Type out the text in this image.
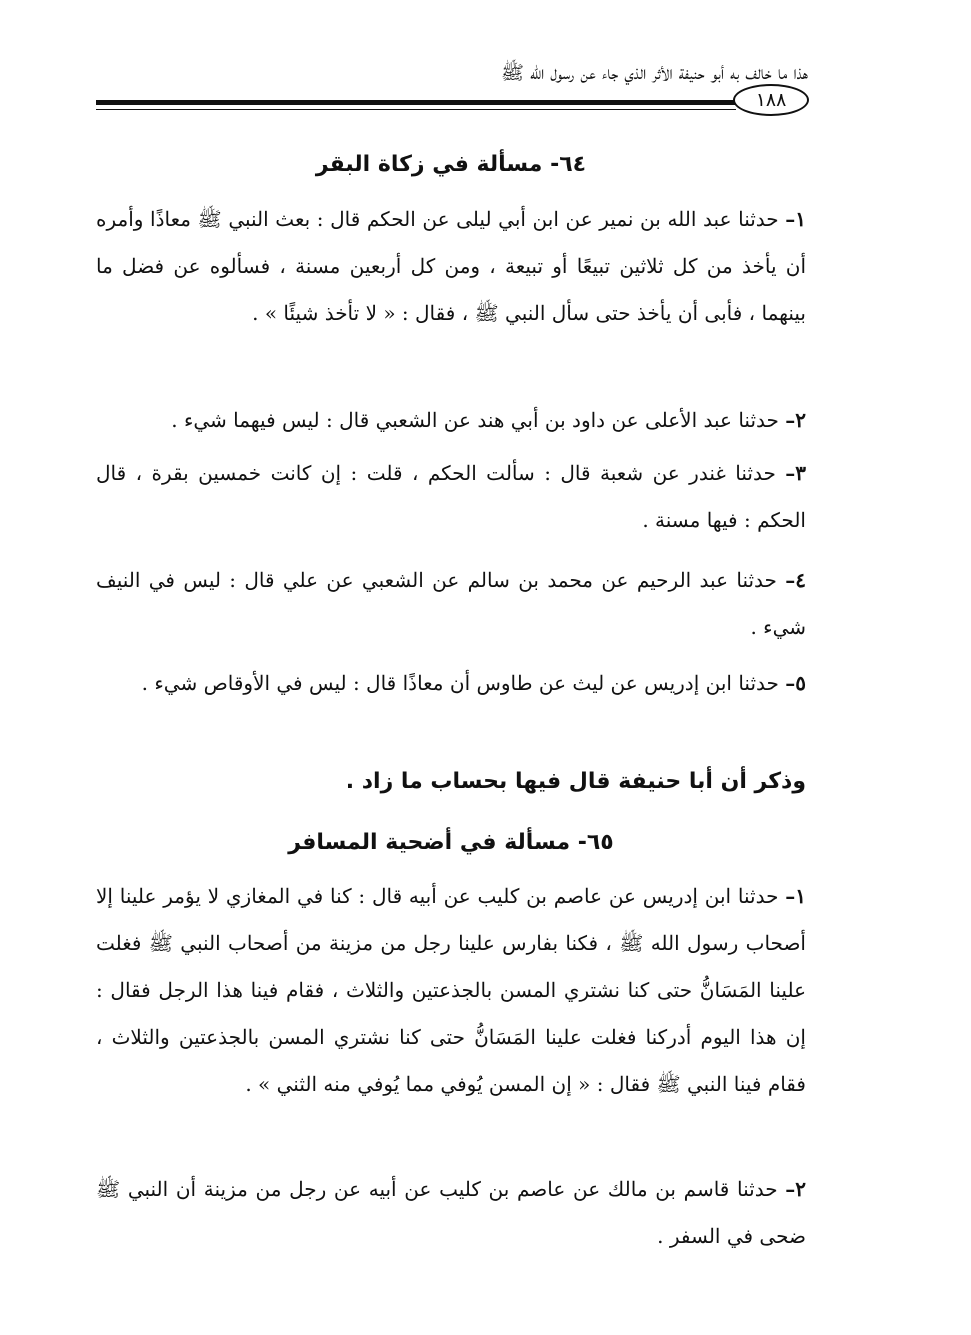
هذا ما خالف به أبو حنيفة الأثر الذي جاء عن رسول الله ﷺ
١٨٨
٦٤- مسألة في زكاة البقر
١– حدثنا عبد الله بن نمير عن ابن أبي ليلى عن الحكم قال : بعث النبي ﷺ معاذًا وأمره أن يأخذ من كل ثلاثين تبيعًا أو تبيعة ، ومن كل أربعين مسنة ، فسألوه عن فضل ما بينهما ، فأبى أن يأخذ حتى سأل النبي ﷺ ، فقال : « لا تأخذ شيئًا » .
٢– حدثنا عبد الأعلى عن داود بن أبي هند عن الشعبي قال : ليس فيهما شيء .
٣– حدثنا غندر عن شعبة قال : سألت الحكم ، قلت : إن كانت خمسين بقرة ، قال الحكم : فيها مسنة .
٤– حدثنا عبد الرحيم عن محمد بن سالم عن الشعبي عن علي قال : ليس في النيف شيء .
٥– حدثنا ابن إدريس عن ليث عن طاوس أن معاذًا قال : ليس في الأوقاص شيء .
وذكر أن أبا حنيفة قال فيها بحساب ما زاد .
٦٥- مسألة في أضحية المسافر
١– حدثنا ابن إدريس عن عاصم بن كليب عن أبيه قال : كنا في المغازي لا يؤمر علينا إلا أصحاب رسول الله ﷺ ، فكنا بفارس علينا رجل من مزينة من أصحاب النبي ﷺ فغلت علينا المَسَانُّ حتى كنا نشتري المسن بالجذعتين والثلاث ، فقام فينا هذا الرجل فقال : إن هذا اليوم أدركنا فغلت علينا المَسَانُّ حتى كنا نشتري المسن بالجذعتين والثلاث ، فقام فينا النبي ﷺ فقال : « إن المسن يُوفي مما يُوفي منه الثني » .
٢– حدثنا قاسم بن مالك عن عاصم بن كليب عن أبيه عن رجل من مزينة أن النبي ﷺ ضحى في السفر .
